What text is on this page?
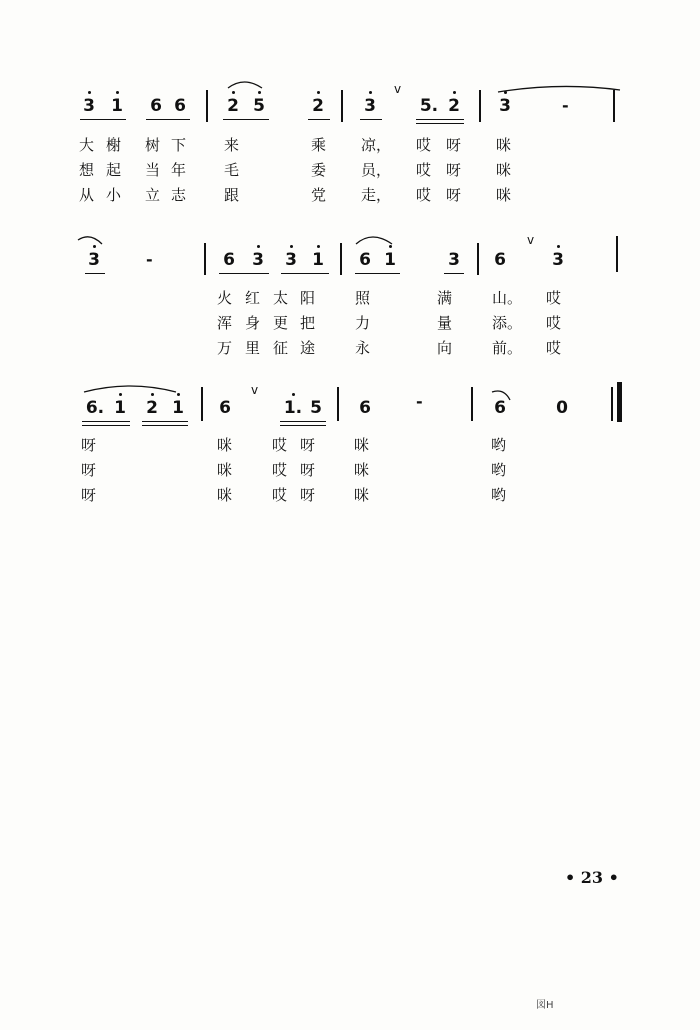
3 1 6 6 2 5	2 3	5. 2 3	-
v
大 榭 树 下	来	乘 凉， 哎 呀 咪
想 起 当 年	毛	委 员， 哎 呀 咪
从 小 立 志	跟	党 走， 哎 呀 咪
3	-	6 3 3 1 6 1	3 6	3
v
火 红 太 阳	照	满	山。 哎
浑 身 更 把	力	量	添。 哎
万 里 征 途	永	向	前。 哎
6. 1 2 1 6	1. 5 6	-	6	0
v
呀	咪	哎 呀	咪	哟
呀	咪	哎 呀	咪	哟
呀	咪	哎 呀	咪	哟
• 23 •
図H
